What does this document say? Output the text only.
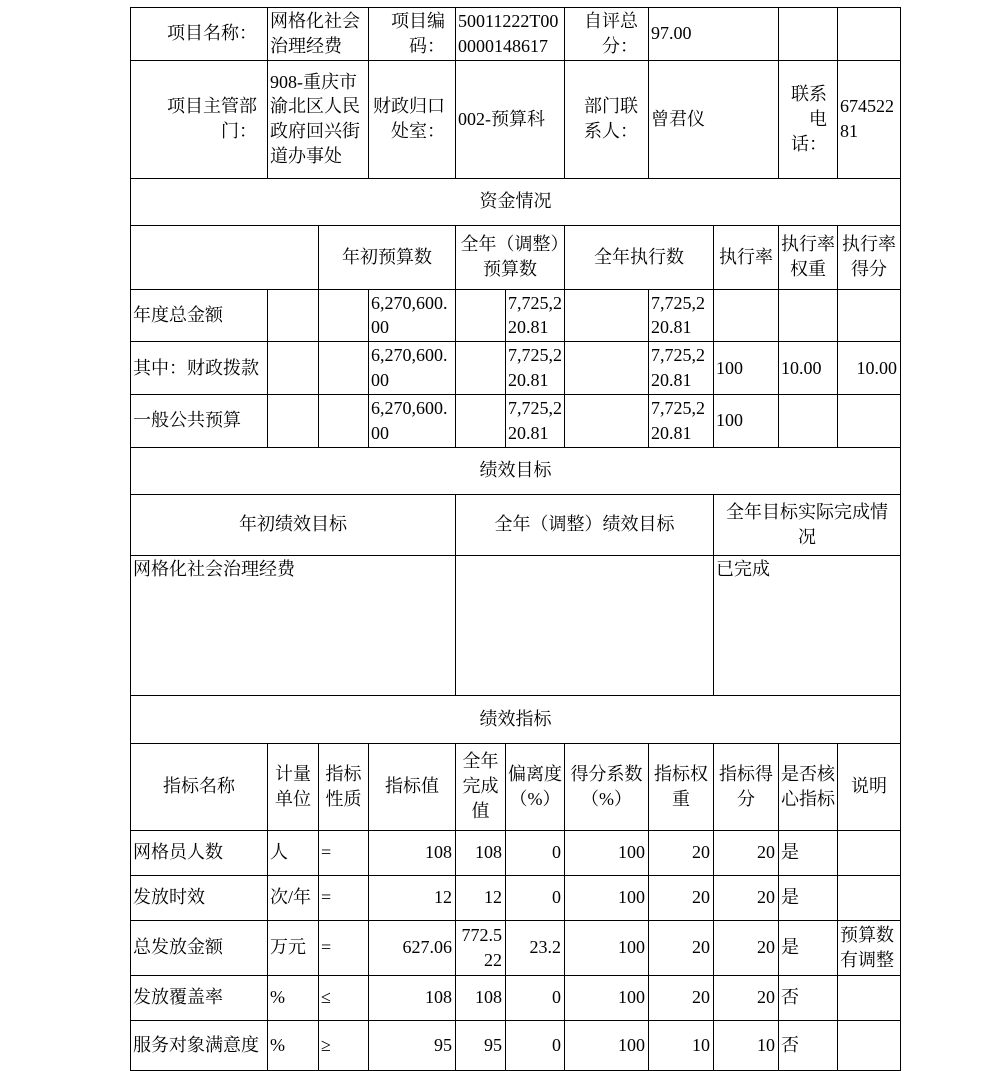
项目名称：	网格化社会治理经费		项目编码：	50011222T000000148617		自评总分：	97.00			
项目主管部门：	908-重庆市渝北区人民政府回兴街道办事处		财政归口处室：	002-预算科		部门联系人：	曾君仪		联系电话：	67452281
资金情况										
		年初预算数		全年（调整）预算数		全年执行数		执行率	执行率权重	执行率得分
年度总金额			6,270,600.00		7,725,220.81		7,725,220.81			
其中：财政拨款			6,270,600.00		7,725,220.81		7,725,220.81	100	10.00	10.00
一般公共预算			6,270,600.00		7,725,220.81		7,725,220.81	100		
绩效目标										
年初绩效目标				全年（调整）绩效目标				全年目标实际完成情况		
网格化社会治理经费								已完成		
绩效指标										
指标名称	计量单位	指标性质	指标值	全年完成值	偏离度（%）	得分系数（%）	指标权重	指标得分	是否核心指标	说明
网格员人数	人	=	108	108	0	100	20	20	是	
发放时效	次/年	=	12	12	0	100	20	20	是	
总发放金额	万元	=	627.06	772.522	23.2	100	20	20	是	预算数有调整
发放覆盖率	%	≤	108	108	0	100	20	20	否	
服务对象满意度	%	≥	95	95	0	100	10	10	否	
